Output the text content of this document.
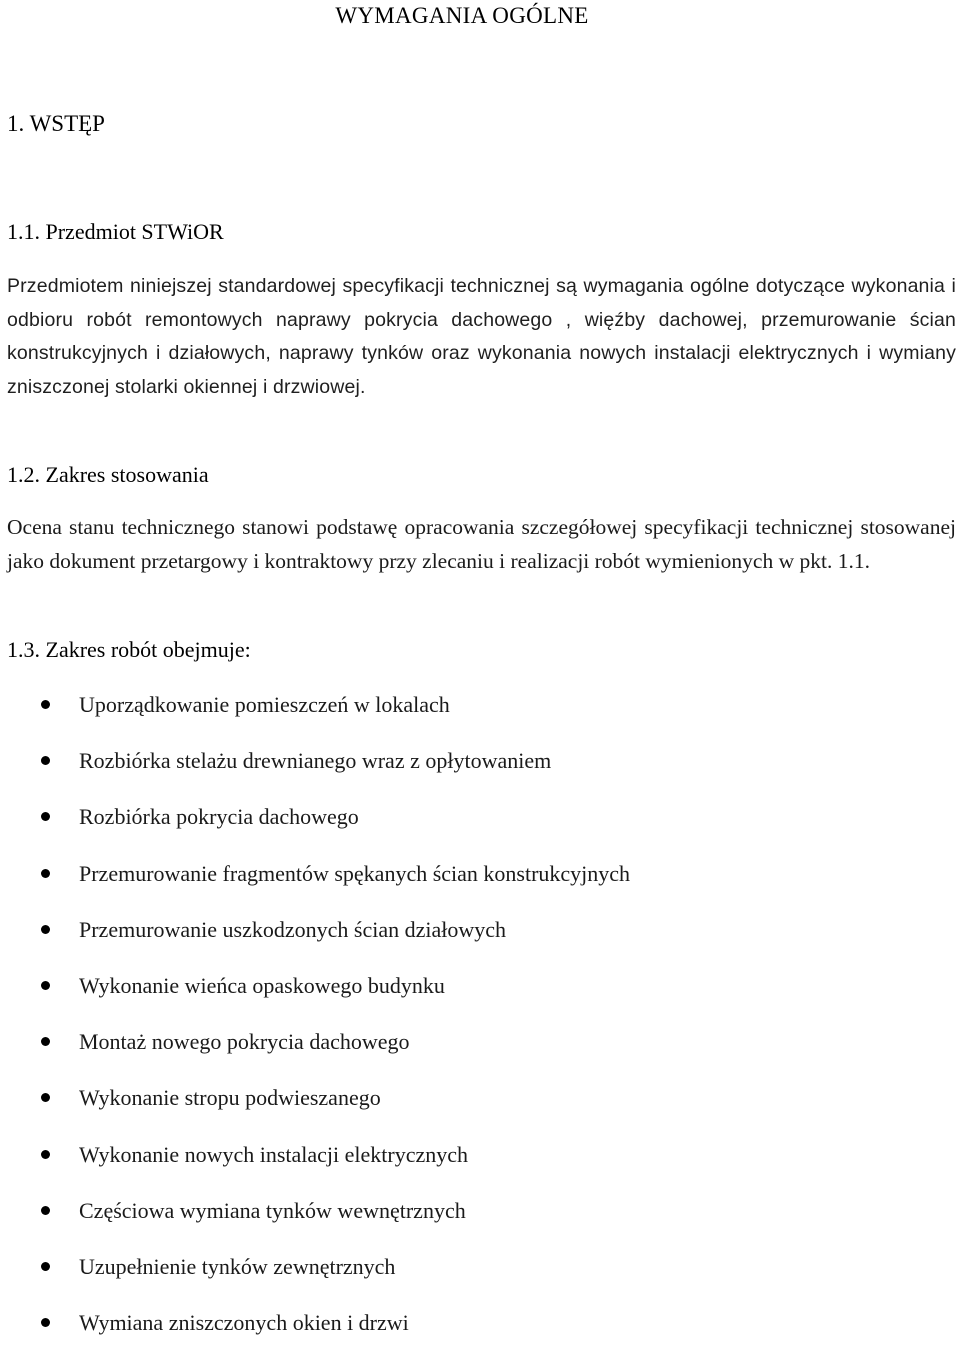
WYMAGANIA OGÓLNE
1. WSTĘP
1.1. Przedmiot STWiOR

Przedmiotem niniejszej standardowej specyfikacji technicznej są wymagania ogólne dotyczące wykonania i odbioru robót remontowych naprawy pokrycia dachowego , więźby dachowej, przemurowanie ścian konstrukcyjnych i działowych, naprawy tynków oraz wykonania nowych instalacji elektrycznych i wymiany zniszczonej stolarki okiennej i drzwiowej.

1.2. Zakres stosowania

Ocena stanu technicznego stanowi podstawę opracowania szczegółowej specyfikacji technicznej stosowanej jako dokument przetargowy i kontraktowy przy zlecaniu i realizacji robót wymienionych w pkt. 1.1.

1.3. Zakres robót obejmuje:
Uporządkowanie pomieszczeń w lokalach
Rozbiórka stelażu drewnianego wraz z opłytowaniem
Rozbiórka pokrycia dachowego
Przemurowanie fragmentów spękanych ścian konstrukcyjnych
Przemurowanie uszkodzonych ścian działowych
Wykonanie wieńca opaskowego budynku
Montaż nowego pokrycia dachowego
Wykonanie stropu podwieszanego
Wykonanie nowych instalacji elektrycznych
Częściowa wymiana tynków wewnętrznych
Uzupełnienie tynków zewnętrznych
Wymiana zniszczonych okien i drzwi
